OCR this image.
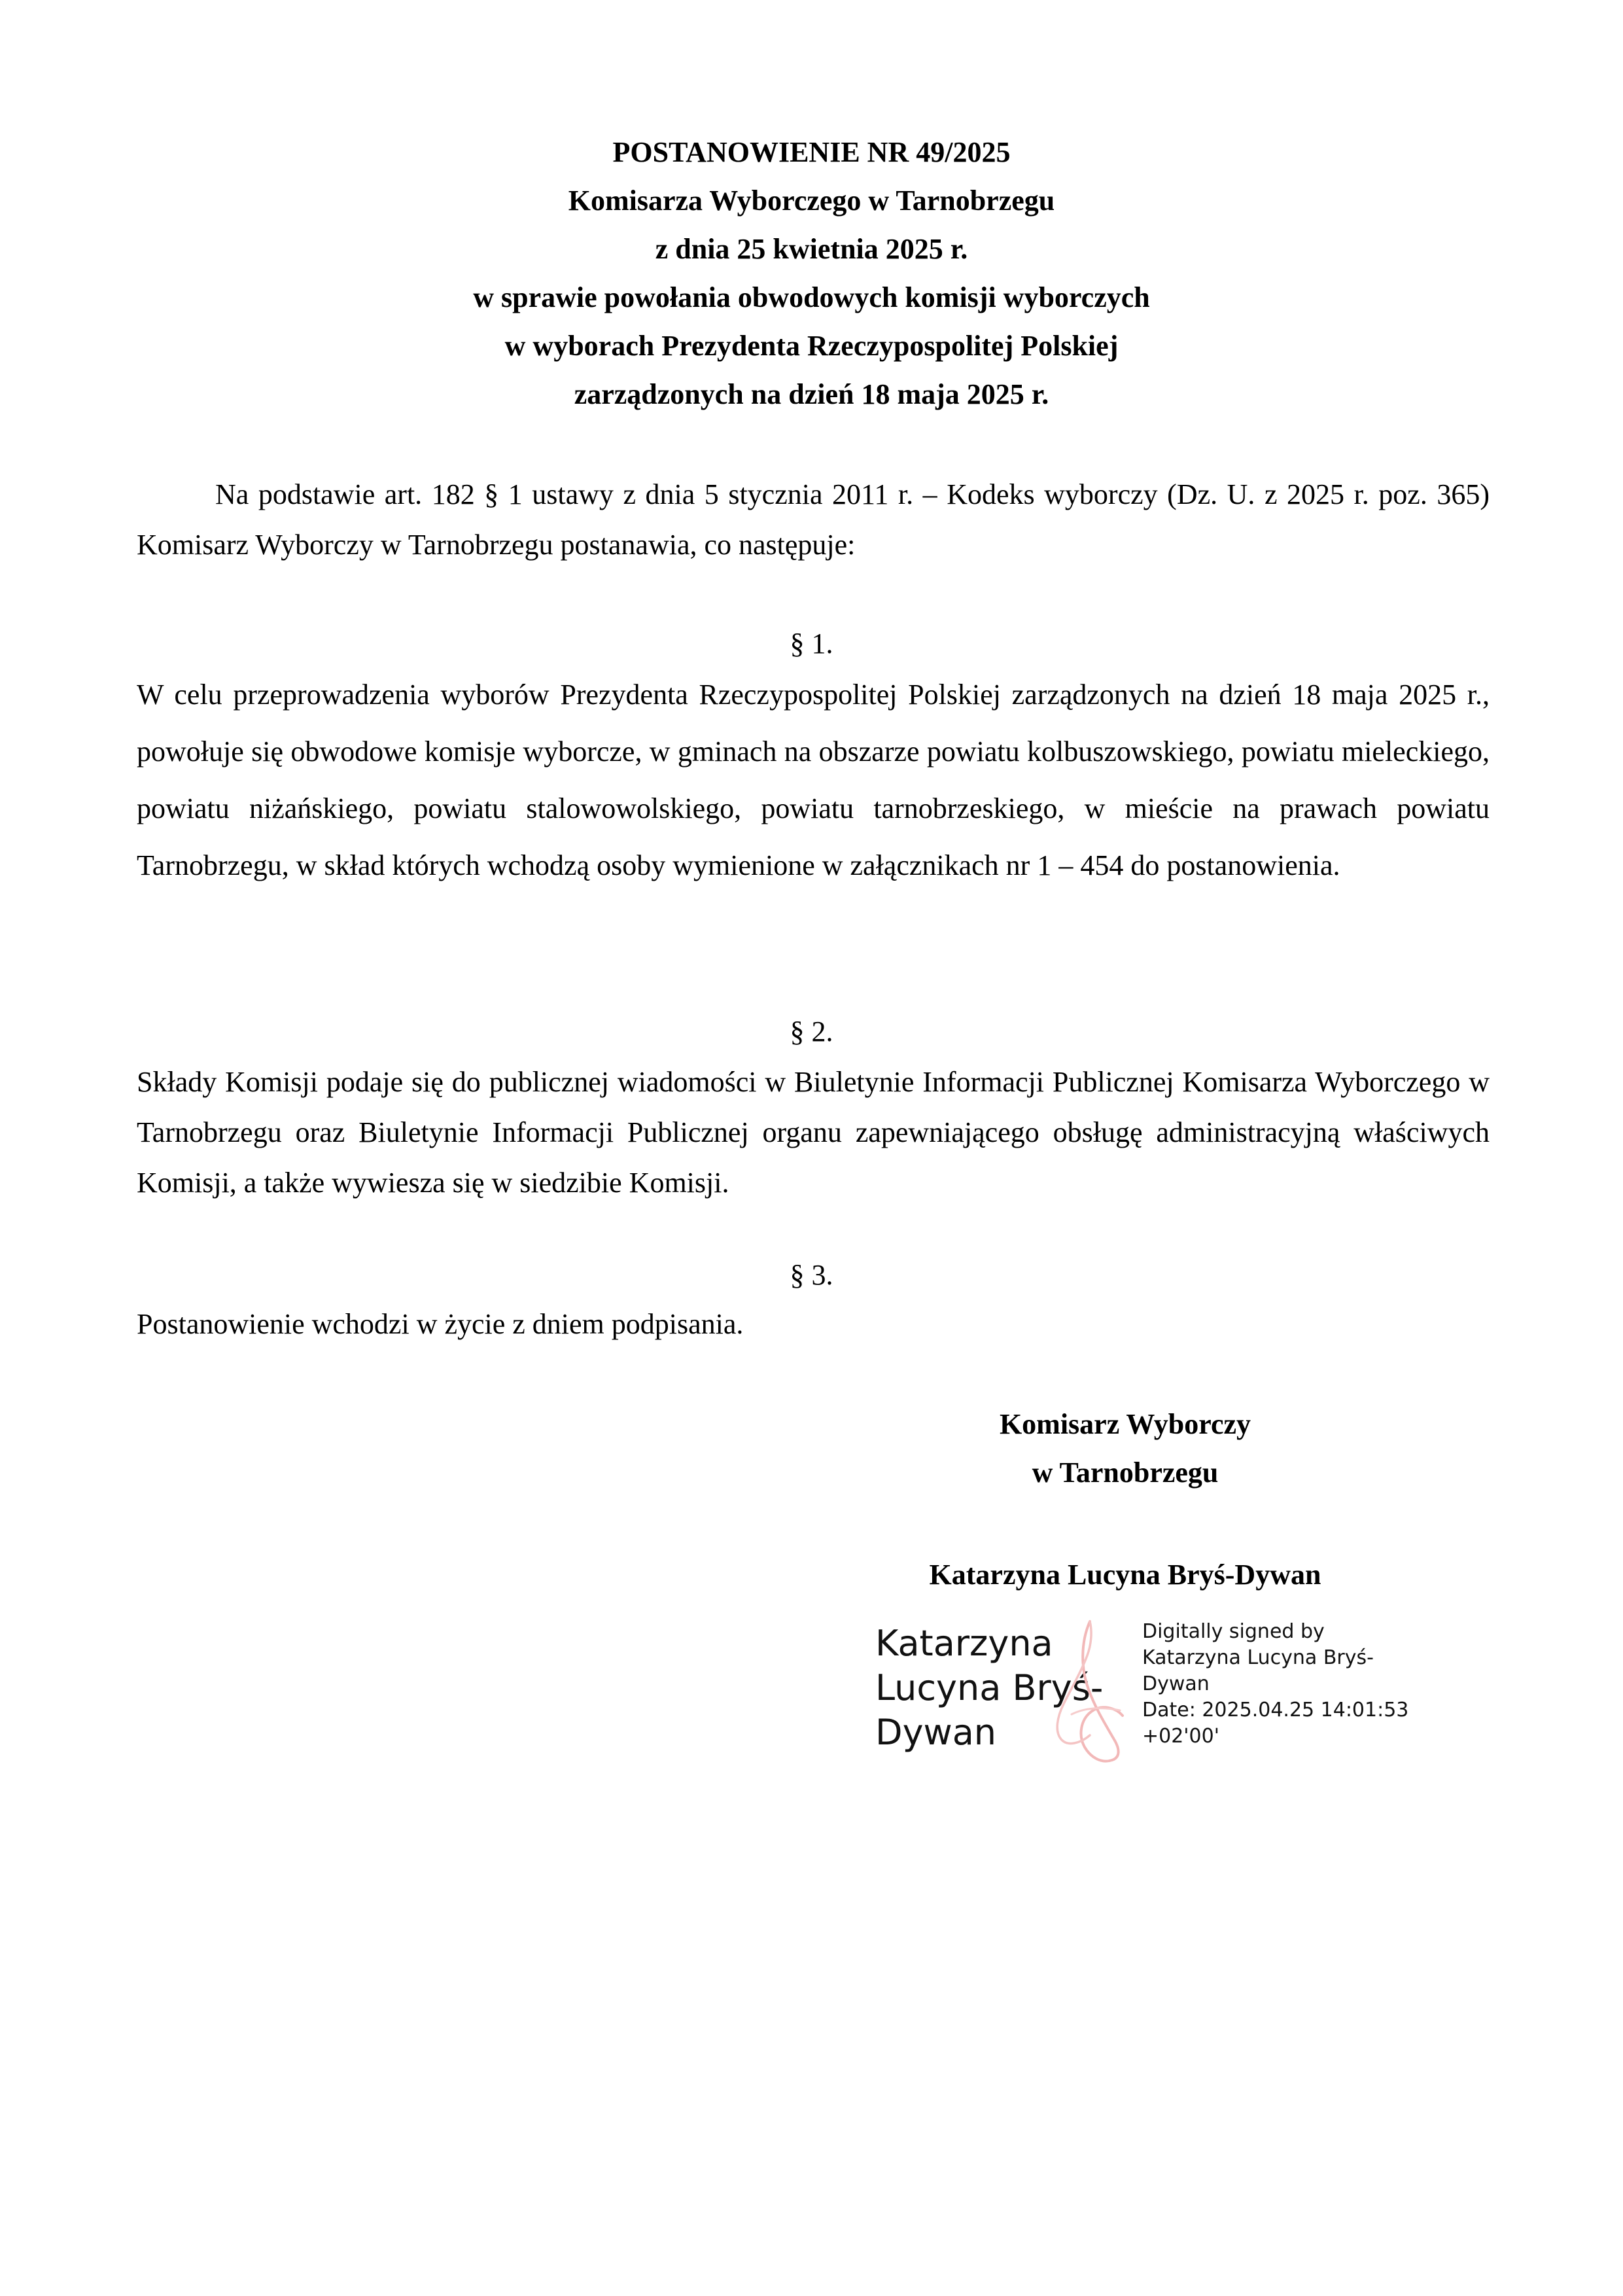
POSTANOWIENIE NR 49/2025
Komisarza Wyborczego w Tarnobrzegu
z dnia 25 kwietnia 2025 r.
w sprawie powołania obwodowych komisji wyborczych
w wyborach Prezydenta Rzeczypospolitej Polskiej
zarządzonych na dzień 18 maja 2025 r.
Na podstawie art. 182 § 1 ustawy z dnia 5 stycznia 2011 r. – Kodeks wyborczy (Dz. U. z 2025 r. poz. 365) Komisarz Wyborczy w Tarnobrzegu postanawia, co następuje:
§ 1.
W celu przeprowadzenia wyborów Prezydenta Rzeczypospolitej Polskiej zarządzonych na dzień 18 maja 2025 r., powołuje się obwodowe komisje wyborcze, w gminach na obszarze powiatu kolbuszowskiego, powiatu mieleckiego, powiatu niżańskiego, powiatu stalowowolskiego, powiatu tarnobrzeskiego, w mieście na prawach powiatu Tarnobrzegu, w skład których wchodzą osoby wymienione w załącznikach nr 1 – 454 do postanowienia.
§ 2.
Składy Komisji podaje się do publicznej wiadomości w Biuletynie Informacji Publicznej Komisarza Wyborczego w Tarnobrzegu oraz Biuletynie Informacji Publicznej organu zapewniającego obsługę administracyjną właściwych Komisji, a także wywiesza się w siedzibie Komisji.
§ 3.
Postanowienie wchodzi w życie z dniem podpisania.
Komisarz Wyborczy
w Tarnobrzegu
Katarzyna Lucyna Bryś-Dywan
Katarzyna
Lucyna Bryś-
Dywan
Digitally signed by
Katarzyna Lucyna Bryś-
Dywan
Date: 2025.04.25 14:01:53
+02'00'
